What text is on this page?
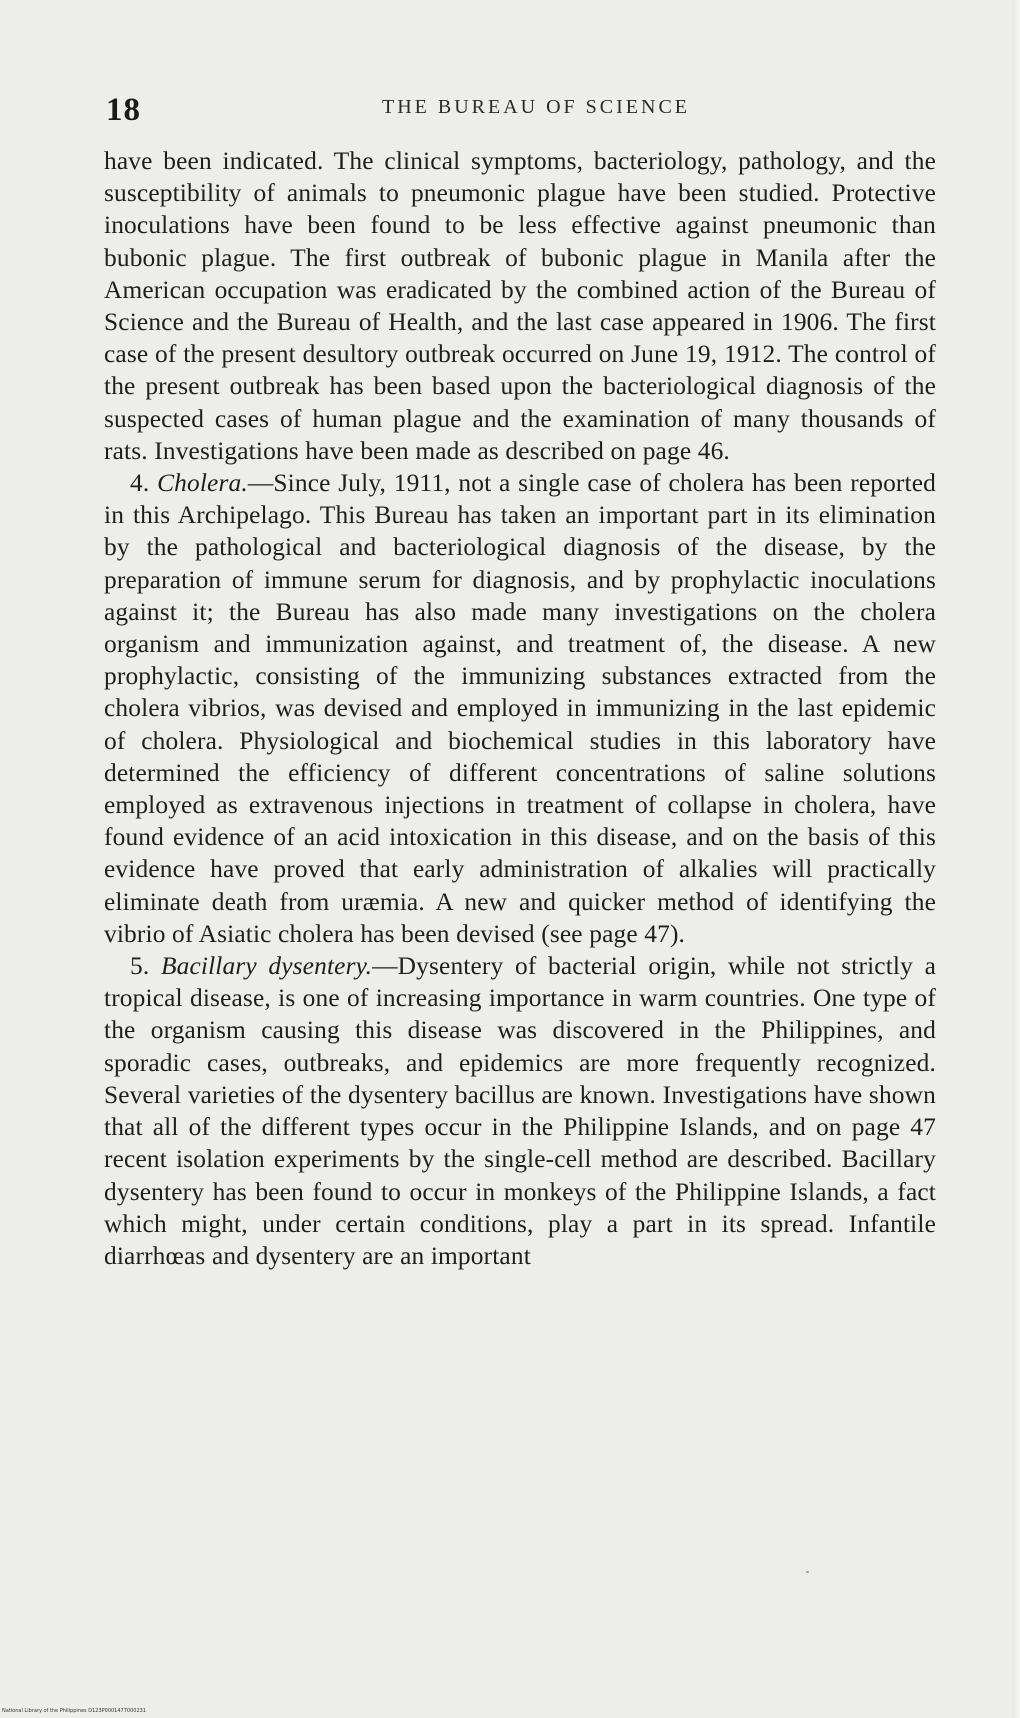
18	THE BUREAU OF SCIENCE

have been indicated. The clinical symptoms, bacteriology, pathology, and the susceptibility of animals to pneumonic plague have been studied. Protective inoculations have been found to be less effective against pneumonic than bubonic plague. The first outbreak of bubonic plague in Manila after the American occupation was eradicated by the combined action of the Bureau of Science and the Bureau of Health, and the last case appeared in 1906. The first case of the present desultory outbreak occurred on June 19, 1912. The control of the present outbreak has been based upon the bacteriological diagnosis of the suspected cases of human plague and the examination of many thousands of rats. Investigations have been made as described on page 46.

4. Cholera.—Since July, 1911, not a single case of cholera has been reported in this Archipelago. This Bureau has taken an important part in its elimination by the pathological and bacteriological diagnosis of the disease, by the preparation of immune serum for diagnosis, and by prophylactic inoculations against it; the Bureau has also made many investigations on the cholera organism and immunization against, and treatment of, the disease. A new prophylactic, consisting of the immunizing substances extracted from the cholera vibrios, was devised and employed in immunizing in the last epidemic of cholera. Physiological and biochemical studies in this laboratory have determined the efficiency of different concentrations of saline solutions employed as extravenous injections in treatment of collapse in cholera, have found evidence of an acid intoxication in this disease, and on the basis of this evidence have proved that early administration of alkalies will practically eliminate death from uræmia. A new and quicker method of identifying the vibrio of Asiatic cholera has been devised (see page 47).

5. Bacillary dysentery.—Dysentery of bacterial origin, while not strictly a tropical disease, is one of increasing importance in warm countries. One type of the organism causing this disease was discovered in the Philippines, and sporadic cases, outbreaks, and epidemics are more frequently recognized. Several varieties of the dysentery bacillus are known. Investigations have shown that all of the different types occur in the Philippine Islands, and on page 47 recent isolation experiments by the single-cell method are described. Bacillary dysentery has been found to occur in monkeys of the Philippine Islands, a fact which might, under certain conditions, play a part in its spread. Infantile diarrhœas and dysentery are an important

National Library of the Philippines D123P0001477000231
